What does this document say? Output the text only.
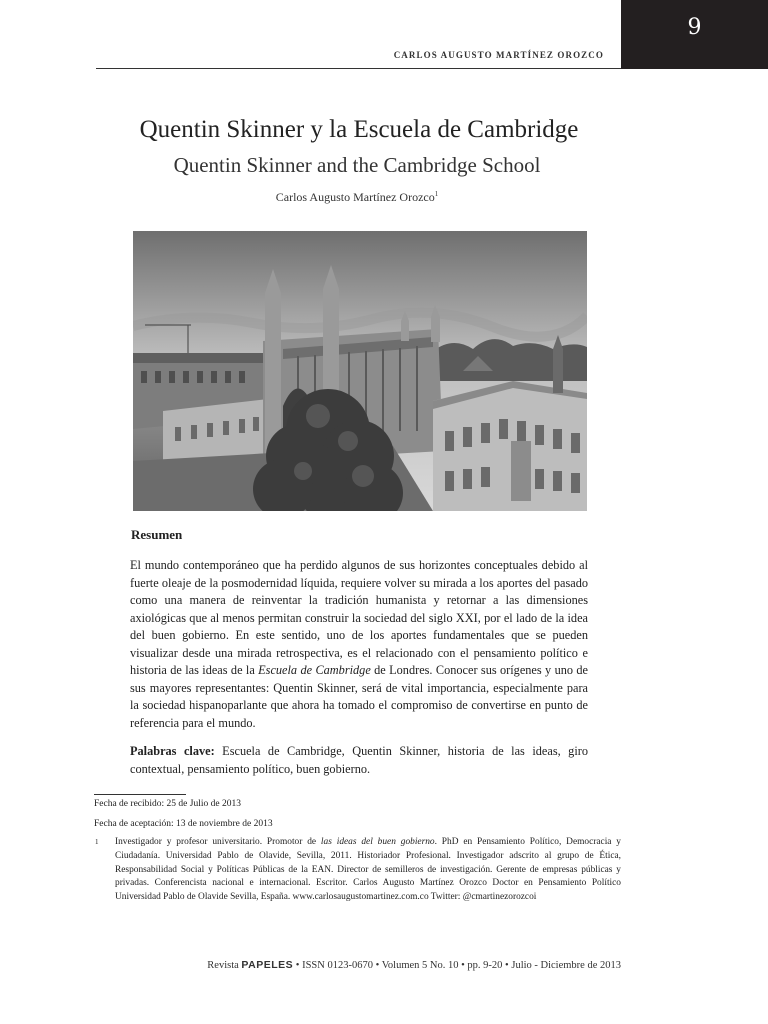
9
CARLOS AUGUSTO MARTÍNEZ OROZCO
Quentin Skinner y la Escuela de Cambridge
Quentin Skinner and the Cambridge School
Carlos Augusto Martínez Orozco$^1$
Resumen
El mundo contemporáneo que ha perdido algunos de sus horizontes conceptuales debido al fuerte oleaje de la posmodernidad líquida, requiere volver su mirada a los aportes del pasado como una manera de reinventar la tradición humanista y retornar a las dimensiones axiológicas que al menos permitan construir la sociedad del siglo XXI, por el lado de la idea del buen gobierno. En este sentido, uno de los aportes fundamentales que se pueden visualizar desde una mirada retrospectiva, es el relacionado con el pensamiento político e historia de las ideas de la Escuela de Cambridge de Londres. Conocer sus orígenes y uno de sus mayores representantes: Quentin Skinner, será de vital importancia, especialmente para la sociedad hispanoparlante que ahora ha tomado el compromiso de convertirse en punto de referencia para el mundo.
Palabras clave: Escuela de Cambridge, Quentin Skinner, historia de las ideas, giro contextual, pensamiento político, buen gobierno.
Fecha de recibido: 25 de Julio de 2013
Fecha de aceptación: 13 de noviembre de 2013
1 Investigador y profesor universitario. Promotor de las ideas del buen gobierno. PhD en Pensamiento Político, Democracia y Ciudadanía. Universidad Pablo de Olavide, Sevilla, 2011. Historiador Profesional. Investigador adscrito al grupo de Ética, Responsabilidad Social y Políticas Públicas de la EAN. Director de semilleros de investigación. Gerente de empresas públicas y privadas. Conferencista nacional e internacional. Escritor. Carlos Augusto Martínez Orozco Doctor en Pensamiento Político Universidad Pablo de Olavide Sevilla, España. www.carlosaugustomartinez.com.co Twitter: @cmartinezorozcoi
Revista PAPELES • ISSN 0123-0670 • Volumen 5 No. 10 • pp. 9-20 • Julio - Diciembre de 2013
